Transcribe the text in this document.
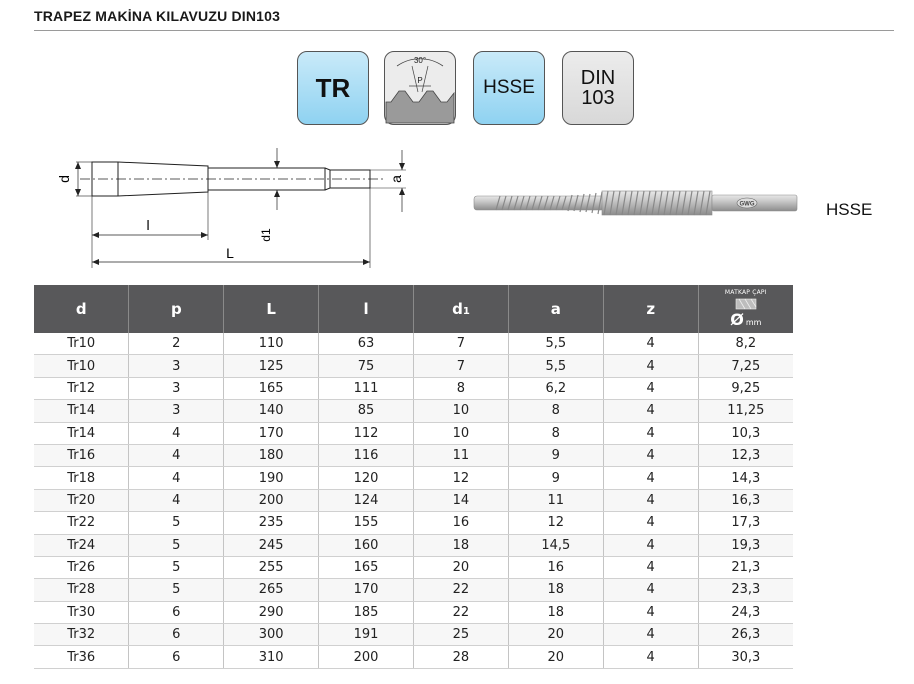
TRAPEZ MAKİNA KILAVUZU DIN103
TR
30°
P	HSSE DIN
103
d	a
d1
l
L
GWG	HSSE
d	p	L	l	d1	a	z	MATKAP ÇAPI
Ø mm

Tr10	2	110	63	7	5,5	4	8,2
Tr10	3	125	75	7	5,5	4	7,25
Tr12	3	165	111	8	6,2	4	9,25
Tr14	3	140	85	10	8	4	11,25
Tr14	4	170	112	10	8	4	10,3
Tr16	4	180	116	11	9	4	12,3
Tr18	4	190	120	12	9	4	14,3
Tr20	4	200	124	14	11	4	16,3
Tr22	5	235	155	16	12	4	17,3
Tr24	5	245	160	18	14,5	4	19,3
Tr26	5	255	165	20	16	4	21,3
Tr28	5	265	170	22	18	4	23,3
Tr30	6	290	185	22	18	4	24,3
Tr32	6	300	191	25	20	4	26,3
Tr36	6	310	200	28	20	4	30,3
